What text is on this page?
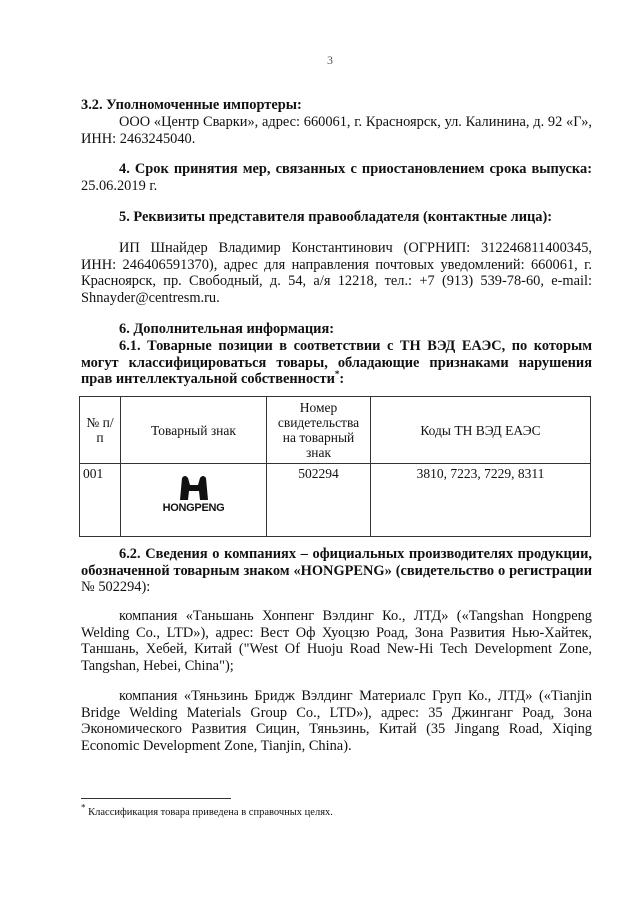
3

3.2. Уполномоченные импортеры:

ООО «Центр Сварки», адрес: 660061, г. Красноярск, ул. Калинина, д. 92 «Г», ИНН: 2463245040.

4. Срок принятия мер, связанных с приостановлением срока выпуска:
25.06.2019 г.

5. Реквизиты представителя правообладателя (контактные лица):

ИП Шнайдер Владимир Константинович (ОГРНИП: 312246811400345, ИНН: 246406591370), адрес для направления почтовых уведомлений: 660061, г. Красноярск, пр. Свободный, д. 54, а/я 12218, тел.: +7 (913) 539-78-60, e-mail: Shnayder@centresm.ru.

6. Дополнительная информация:

6.1. Товарные позиции в соответствии с ТН ВЭД ЕАЭС, по которым могут классифицироваться товары, обладающие признаками нарушения прав интеллектуальной собственности*:

№ п/п	Товарный знак	Номер свидетельства на товарный знак	Коды ТН ВЭД ЕАЭС
001	HONGPENG	502294	3810, 7223, 7229, 8311

6.2. Сведения о компаниях – официальных производителях продукции, обозначенной товарным знаком «HONGPENG» (свидетельство о регистрации № 502294):

компания «Таньшань Хонпенг Вэлдинг Ко., ЛТД» («Tangshan Hongpeng Welding Co., LTD»), адрес: Вест Оф Хуоцзю Роад, Зона Развития Нью-Хайтек, Таншань, Хебей, Китай ("West Of Huoju Road New-Hi Tech Development Zone, Tangshan, Hebei, China");

компания «Тяньзинь Бридж Вэлдинг Материалс Груп Ко., ЛТД» («Tianjin Bridge Welding Materials Group Co., LTD»), адрес: 35 Джинганг Роад, Зона Экономического Развития Сицин, Тяньзинь, Китай (35 Jingang Road, Xiqing Economic Development Zone, Tianjin, China).

* Классификация товара приведена в справочных целях.
